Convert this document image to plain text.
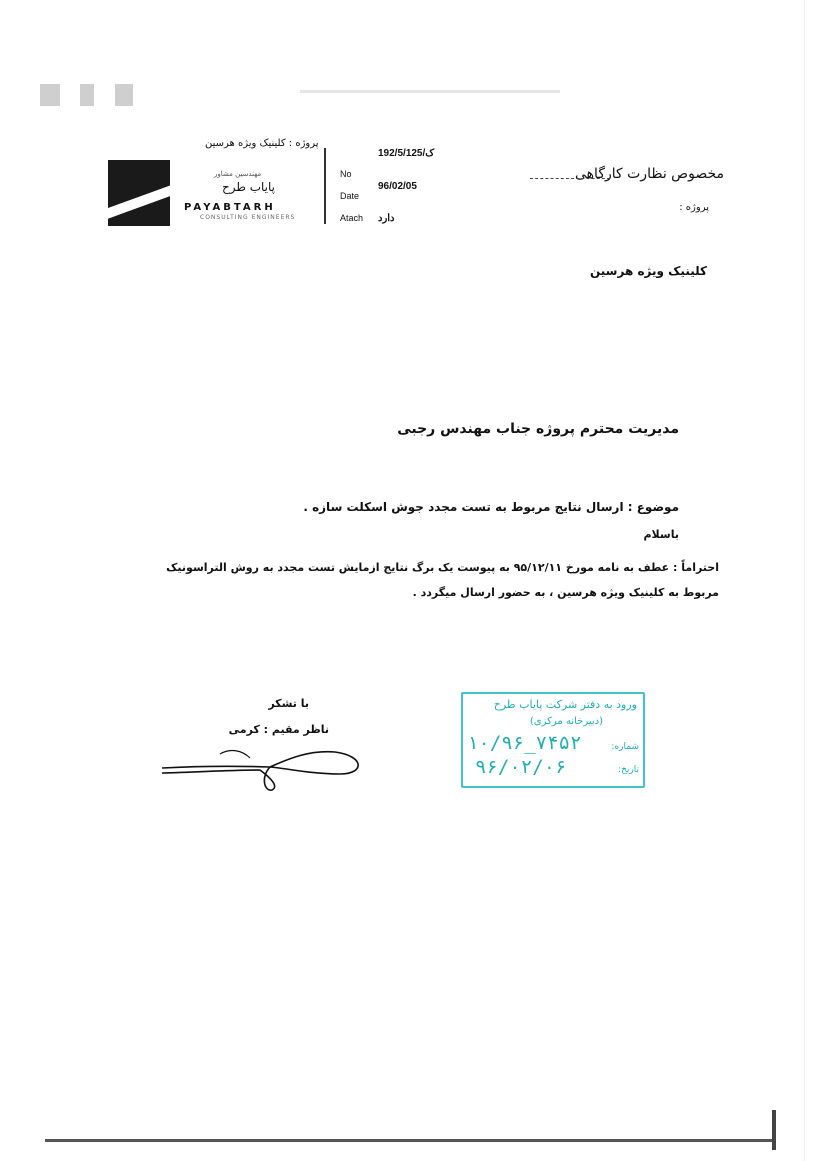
مهندسین مشاور
پایاب طرح
PAYABTARH
CONSULTING ENGINEERS
پروژه : کلینیک ویژه هرسین
No
192/5/ک/125
Date
96/02/05
Atach دارد
مخصوص نظارت کارگاهی
پروژه :
کلینیک ویژه هرسین
مدیریت محترم پروژه جناب مهندس رجبی
موضوع : ارسال نتایج مربوط به تست مجدد جوش اسکلت سازه .
باسلام
احتراماً : عطف به نامه مورخ ۹۵/۱۲/۱۱ به پیوست یک برگ نتایج ازمایش تست مجدد به روش التراسونیک
مربوط به کلینیک ویژه هرسین ، به حضور ارسال میگردد .
با تشکر
ناظر مقیم : کرمی
ورود به دفتر شرکت پایاب طرح
(دبیرخانه مرکزی)
شماره:
۱۰/۹۶_۷۴۵۲
تاریخ:
۹۶/۰۲/۰۶
